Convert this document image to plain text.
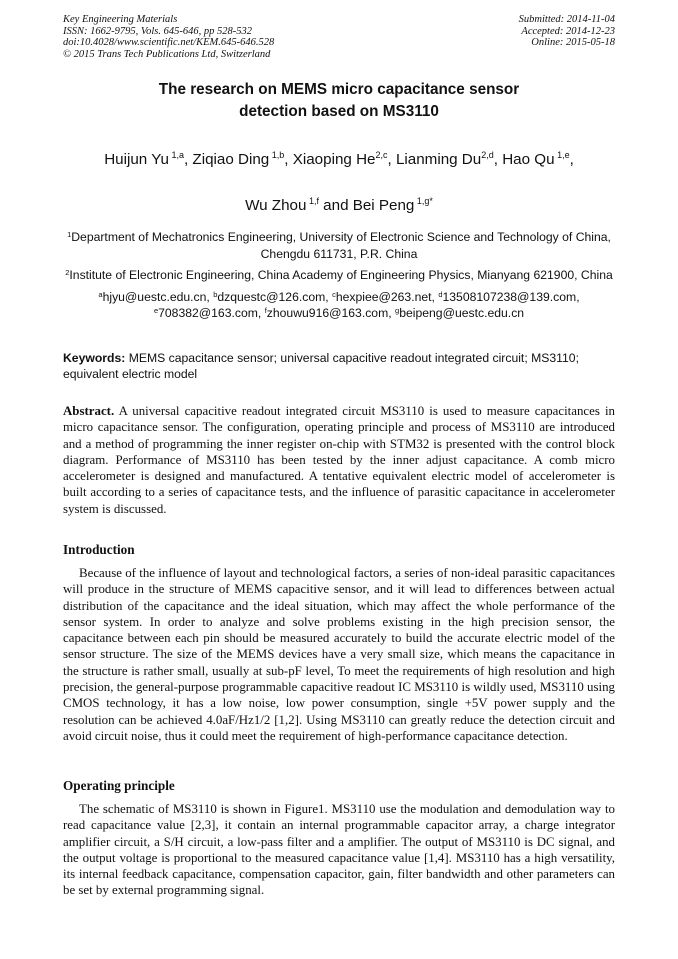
Key Engineering Materials
ISSN: 1662-9795, Vols. 645-646, pp 528-532
doi:10.4028/www.scientific.net/KEM.645-646.528
© 2015 Trans Tech Publications Ltd, Switzerland
Submitted: 2014-11-04
Accepted: 2014-12-23
Online: 2015-05-18
The research on MEMS micro capacitance sensor
detection based on MS3110
Huijun Yu $^{1,a}$, Ziqiao Ding $^{1,b}$, Xiaoping He$^{2,c}$, Lianming Du$^{2,d}$, Hao Qu $^{1,e}$,
Wu Zhou $^{1,f}$ and Bei Peng $^{1,g*}$
$^1$Department of Mechatronics Engineering, University of Electronic Science and Technology of China, Chengdu 611731, P.R. China
$^2$Institute of Electronic Engineering, China Academy of Engineering Physics, Mianyang 621900, China
$^a$hjyu@uestc.edu.cn, $^b$dzquestc@126.com, $^c$hexpiee@263.net, $^d$13508107238@139.com,
$^e$708382@163.com, $^f$zhouwu916@163.com, $^g$beipeng@uestc.edu.cn
Keywords: MEMS capacitance sensor; universal capacitive readout integrated circuit; MS3110; equivalent electric model
Abstract. A universal capacitive readout integrated circuit MS3110 is used to measure capacitances in micro capacitance sensor. The configuration, operating principle and process of MS3110 are introduced and a method of programming the inner register on-chip with STM32 is presented with the control block diagram. Performance of MS3110 has been tested by the inner adjust capacitance. A comb micro accelerometer is designed and manufactured. A tentative equivalent electric model of accelerometer is built according to a series of capacitance tests, and the influence of parasitic capacitance in accelerometer system is discussed.
Introduction
Because of the influence of layout and technological factors, a series of non-ideal parasitic capacitances will produce in the structure of MEMS capacitive sensor, and it will lead to differences between actual distribution of the capacitance and the ideal situation, which may affect the whole performance of the sensor system. In order to analyze and solve problems existing in the high precision sensor, the capacitance between each pin should be measured accurately to build the accurate electric model of the sensor structure. The size of the MEMS devices have a very small size, which means the capacitance in the structure is rather small, usually at sub-pF level, To meet the requirements of high resolution and high precision, the general-purpose programmable capacitive readout IC MS3110 is wildly used, MS3110 using CMOS technology, it has a low noise, low power consumption, single +5V power supply and the resolution can be achieved 4.0aF/Hz1/2 [1,2]. Using MS3110 can greatly reduce the detection circuit and avoid circuit noise, thus it could meet the requirement of high-performance capacitance detection.
Operating principle
The schematic of MS3110 is shown in Figure1. MS3110 use the modulation and demodulation way to read capacitance value [2,3], it contain an internal programmable capacitor array, a charge integrator amplifier circuit, a S/H circuit, a low-pass filter and a amplifier. The output of MS3110 is DC signal, and the output voltage is proportional to the measured capacitance value [1,4]. MS3110 has a high versatility, its internal feedback capacitance, compensation capacitor, gain, filter bandwidth and other parameters can be set by external programming signal.
